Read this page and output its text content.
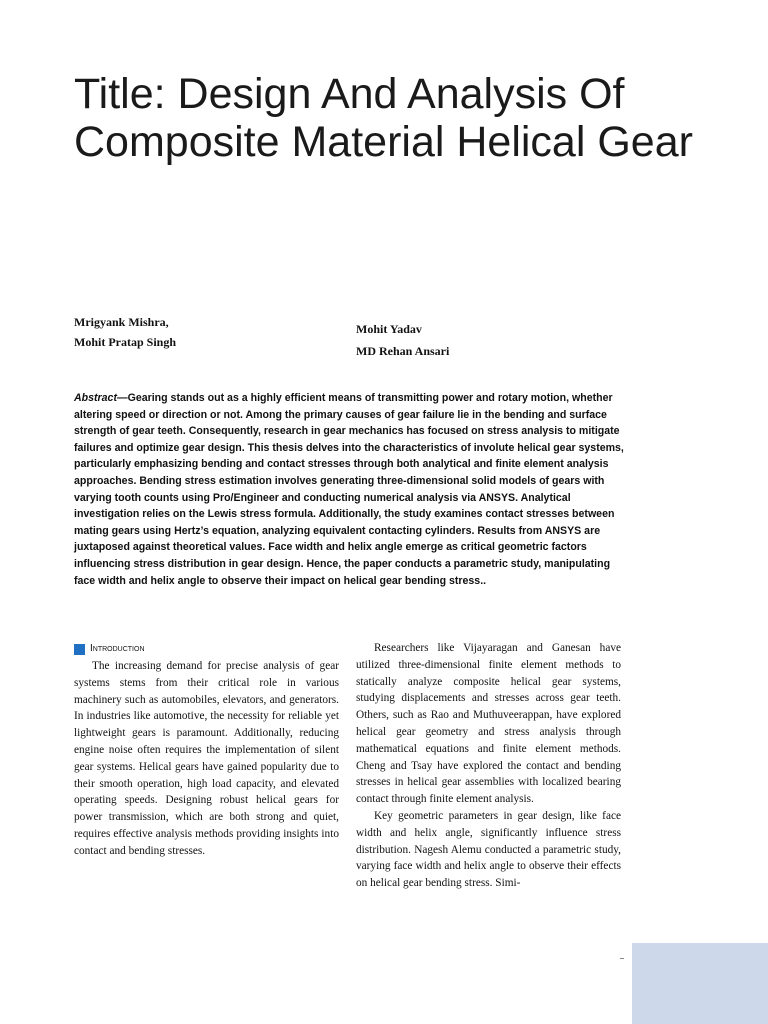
Title: Design And Analysis Of Composite Material Helical Gear
Mrigyank Mishra,
Mohit Pratap Singh
Mohit Yadav
MD Rehan Ansari

Abstract—Gearing stands out as a highly efficient means of transmitting power and rotary motion, whether altering speed or direction or not. Among the primary causes of gear failure lie in the bending and surface strength of gear teeth. Consequently, research in gear mechanics has focused on stress analysis to mitigate failures and optimize gear design. This thesis delves into the characteristics of involute helical gear systems, particularly emphasizing bending and contact stresses through both analytical and finite element analysis approaches. Bending stress estimation involves generating three-dimensional solid models of gears with varying tooth counts using Pro/Engineer and conducting numerical analysis via ANSYS. Analytical investigation relies on the Lewis stress formula. Additionally, the study examines contact stresses between mating gears using Hertz’s equation, analyzing equivalent contacting cylinders. Results from ANSYS are juxtaposed against theoretical values. Face width and helix angle emerge as critical geometric factors influencing stress distribution in gear design. Hence, the paper conducts a parametric study, manipulating face width and helix angle to observe their impact on helical gear bending stress..

Introduction

The increasing demand for precise analysis of gear systems stems from their critical role in various machinery such as automobiles, elevators, and generators. In industries like automotive, the necessity for reliable yet lightweight gears is paramount. Additionally, reducing engine noise often requires the implementation of silent gear systems. Helical gears have gained popularity due to their smooth operation, high load capacity, and elevated operating speeds. Designing robust helical gears for power transmission, which are both strong and quiet, requires effective analysis methods providing insights into contact and bending stresses.

Researchers like Vijayaragan and Ganesan have utilized three-dimensional finite element methods to statically analyze composite helical gear systems, studying displacements and stresses across gear teeth. Others, such as Rao and Muthuveerappan, have explored helical gear geometry and stress analysis through mathematical equations and finite element methods. Cheng and Tsay have explored the contact and bending stresses in helical gear assemblies with localized bearing contact through finite element analysis.

Key geometric parameters in gear design, like face width and helix angle, significantly influence stress distribution. Nagesh Alemu conducted a parametric study, varying face width and helix angle to observe their effects on helical gear bending stress. Simi-
